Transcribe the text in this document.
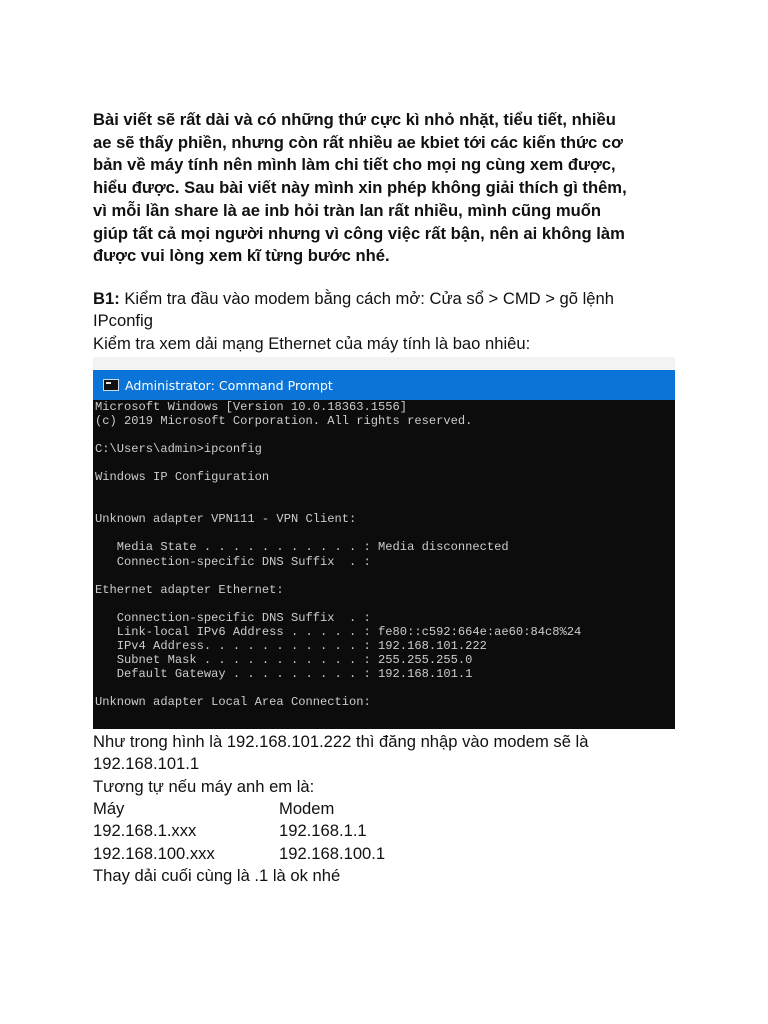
Bài viết sẽ rất dài và có những thứ cực kì nhỏ nhặt, tiểu tiết, nhiều
ae sẽ thấy phiền, nhưng còn rất nhiều ae kbiet tới các kiến thức cơ
bản về máy tính nên mình làm chi tiết cho mọi ng cùng xem được,
hiểu được. Sau bài viết này mình xin phép không giải thích gì thêm,
vì mỗi lần share là ae inb hỏi tràn lan rất nhiều, mình cũng muốn
giúp tất cả mọi người nhưng vì công việc rất bận, nên ai không làm
được vui lòng xem kĩ từng bước nhé.

B1: Kiểm tra đầu vào modem bằng cách mở: Cửa sổ > CMD > gõ lệnh
IPconfig
Kiểm tra xem dải mạng Ethernet của máy tính là bao nhiêu:

Administrator: Command Prompt
Microsoft Windows [Version 10.0.18363.1556]
(c) 2019 Microsoft Corporation. All rights reserved.
C:\Users\admin>ipconfig
Windows IP Configuration
Unknown adapter VPN111 - VPN Client:
Media State . . . . . . . . . . . : Media disconnected
Connection-specific DNS Suffix  . :
Ethernet adapter Ethernet:
Connection-specific DNS Suffix  . :
Link-local IPv6 Address . . . . . : fe80::c592:664e:ae60:84c8%24
IPv4 Address. . . . . . . . . . . : 192.168.101.222
Subnet Mask . . . . . . . . . . . : 255.255.255.0
Default Gateway . . . . . . . . . : 192.168.101.1
Unknown adapter Local Area Connection:

Như trong hình là 192.168.101.222 thì đăng nhập vào modem sẽ là
192.168.101.1
Tương tự nếu máy anh em là:

Máy	Modem
192.168.1.xxx	192.168.1.1
192.168.100.xxx	192.168.100.1
Thay dải cuối cùng là .1 là ok nhé
